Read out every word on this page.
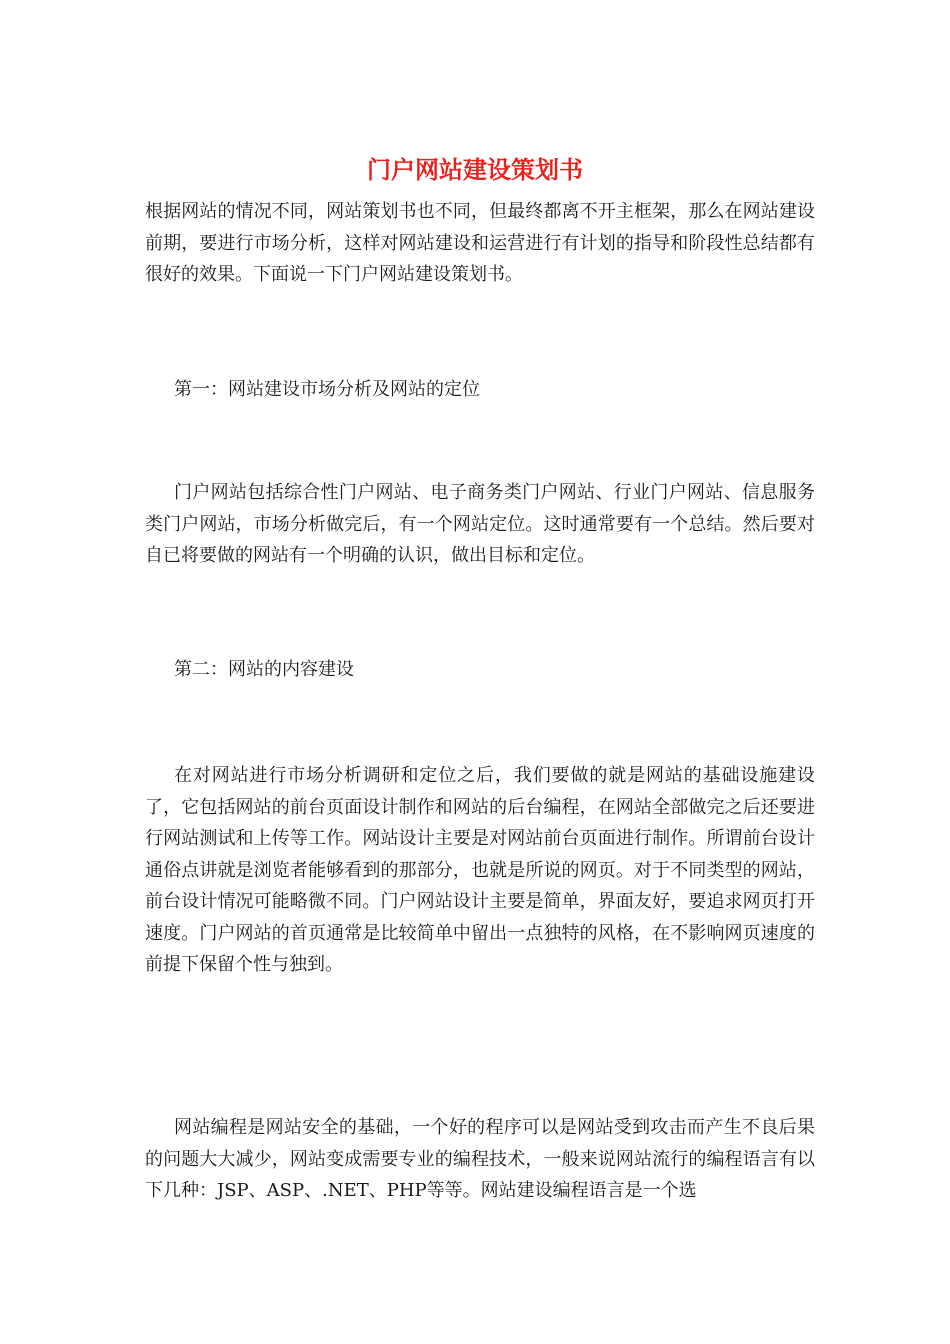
门户网站建设策划书

根据网站的情况不同，网站策划书也不同，但最终都离不开主框架，那么在网站建设前期，要进行市场分析，这样对网站建设和运营进行有计划的指导和阶段性总结都有很好的效果。下面说一下门户网站建设策划书。

第一：网站建设市场分析及网站的定位

门户网站包括综合性门户网站、电子商务类门户网站、行业门户网站、信息服务类门户网站，市场分析做完后，有一个网站定位。这时通常要有一个总结。然后要对自已将要做的网站有一个明确的认识，做出目标和定位。

第二：网站的内容建设

在对网站进行市场分析调研和定位之后，我们要做的就是网站的基础设施建设了，它包括网站的前台页面设计制作和网站的后台编程，在网站全部做完之后还要进行网站测试和上传等工作。网站设计主要是对网站前台页面进行制作。所谓前台设计通俗点讲就是浏览者能够看到的那部分，也就是所说的网页。对于不同类型的网站，前台设计情况可能略微不同。门户网站设计主要是简单，界面友好，要追求网页打开速度。门户网站的首页通常是比较简单中留出一点独特的风格，在不影响网页速度的前提下保留个性与独到。

网站编程是网站安全的基础，一个好的程序可以是网站受到攻击而产生不良后果的问题大大减少，网站变成需要专业的编程技术，一般来说网站流行的编程语言有以下几种：JSP、ASP、.NET、PHP等等。网站建设编程语言是一个选
